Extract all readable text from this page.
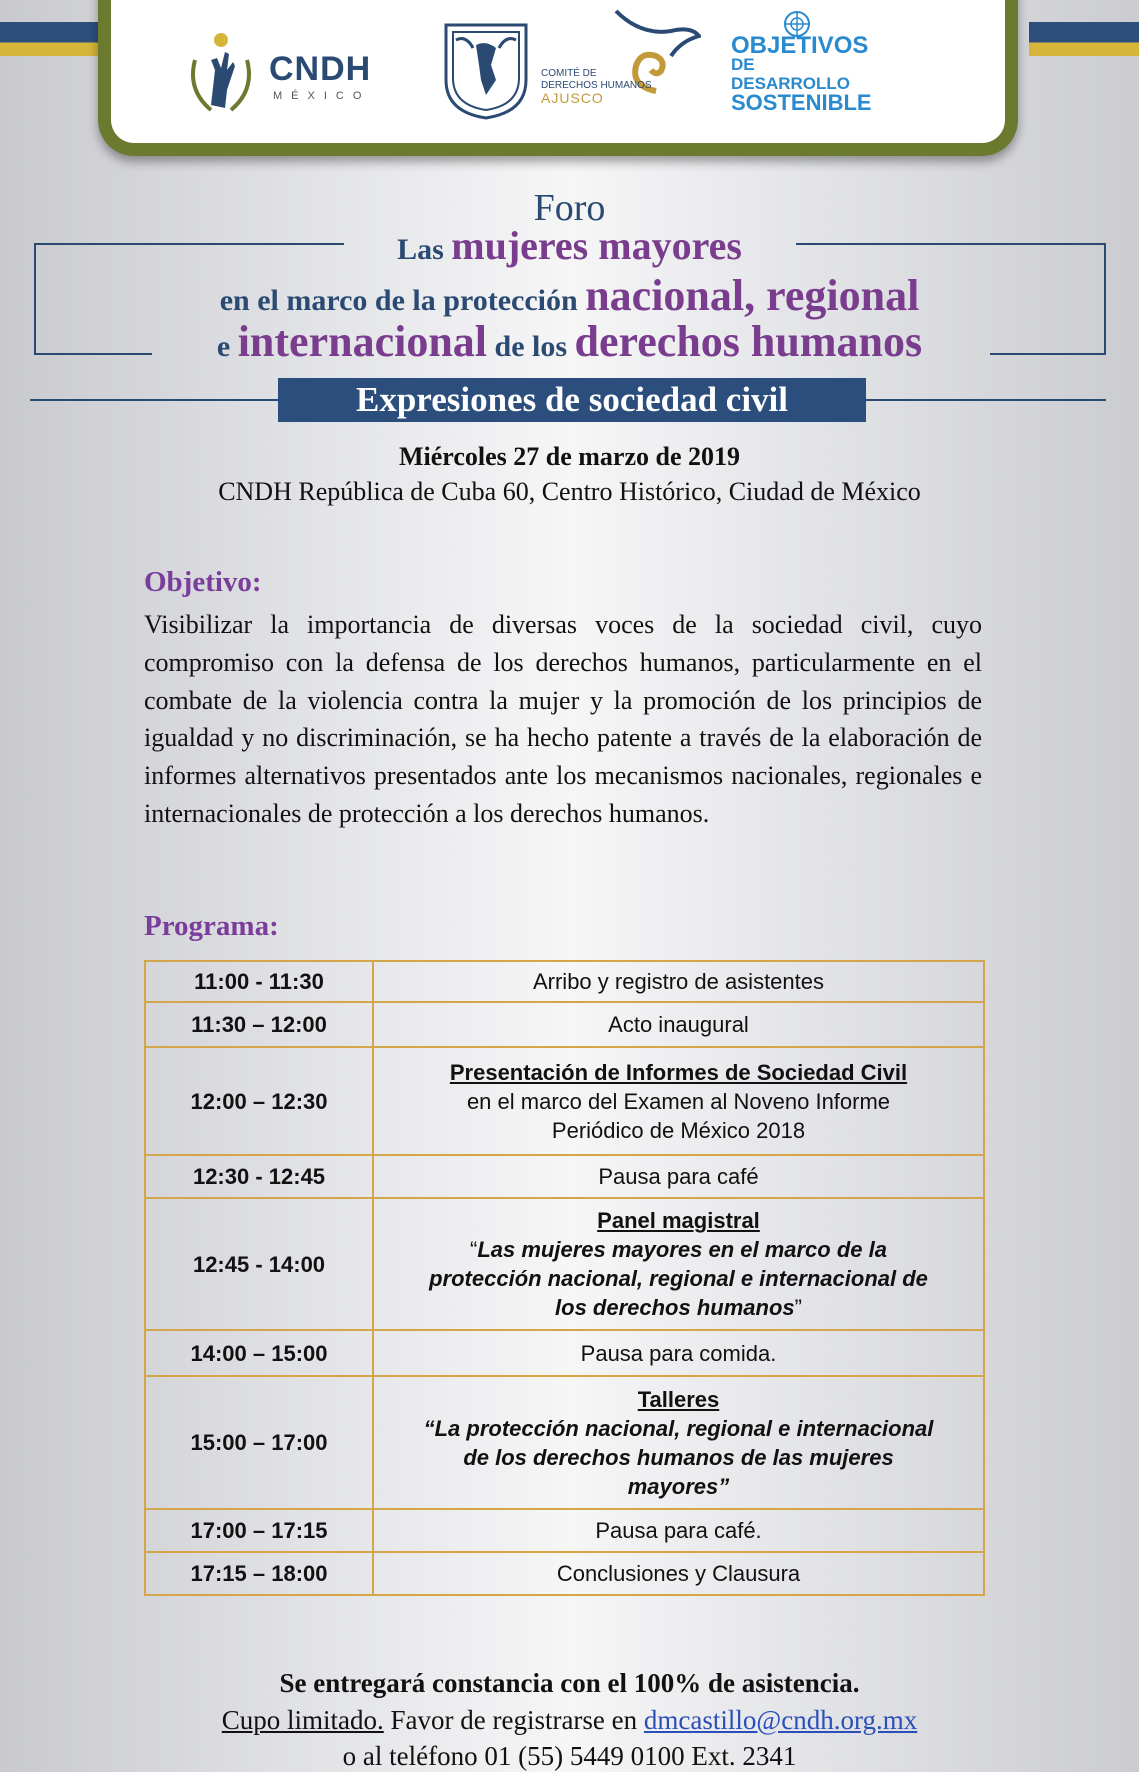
CNDH
MÉXICO
COMITÉ DE
DERECHOS HUMANOS
AJUSCO
OBJETIVOS
DE DESARROLLO
SOSTENIBLE
Foro
Las mujeres mayores
en el marco de la protección nacional, regional
e internacional de los derechos humanos
Expresiones de sociedad civil
Miércoles 27 de marzo de 2019
CNDH República de Cuba 60, Centro Histórico, Ciudad de México
Objetivo:
Visibilizar la importancia de diversas voces de la sociedad civil, cuyo compromiso con la defensa de los derechos humanos, particularmente en el combate de la violencia contra la mujer y la promoción de los principios de igualdad y no discriminación, se ha hecho patente a través de la elaboración de informes alternativos presentados ante los mecanismos nacionales, regionales e internacionales de protección a los derechos humanos.
Programa:
11:00 - 11:30	Arribo y registro de asistentes
11:30 – 12:00	Acto inaugural
12:00 – 12:30	Presentación de Informes de Sociedad Civil
en el marco del Examen al Noveno Informe Periódico de México 2018

12:30 - 12:45	Pausa para café
12:45 - 14:00	Panel magistral
“Las mujeres mayores en el marco de la protección nacional, regional e internacional de los derechos humanos”

14:00 – 15:00	Pausa para comida.
15:00 – 17:00	Talleres
“La protección nacional, regional e internacional de los derechos humanos de las mujeres mayores”

17:00 – 17:15	Pausa para café.
17:15 – 18:00	Conclusiones y Clausura
Se entregará constancia con el 100% de asistencia.
Cupo limitado. Favor de registrarse en dmcastillo@cndh.org.mx
o al teléfono 01 (55) 5449 0100 Ext. 2341
